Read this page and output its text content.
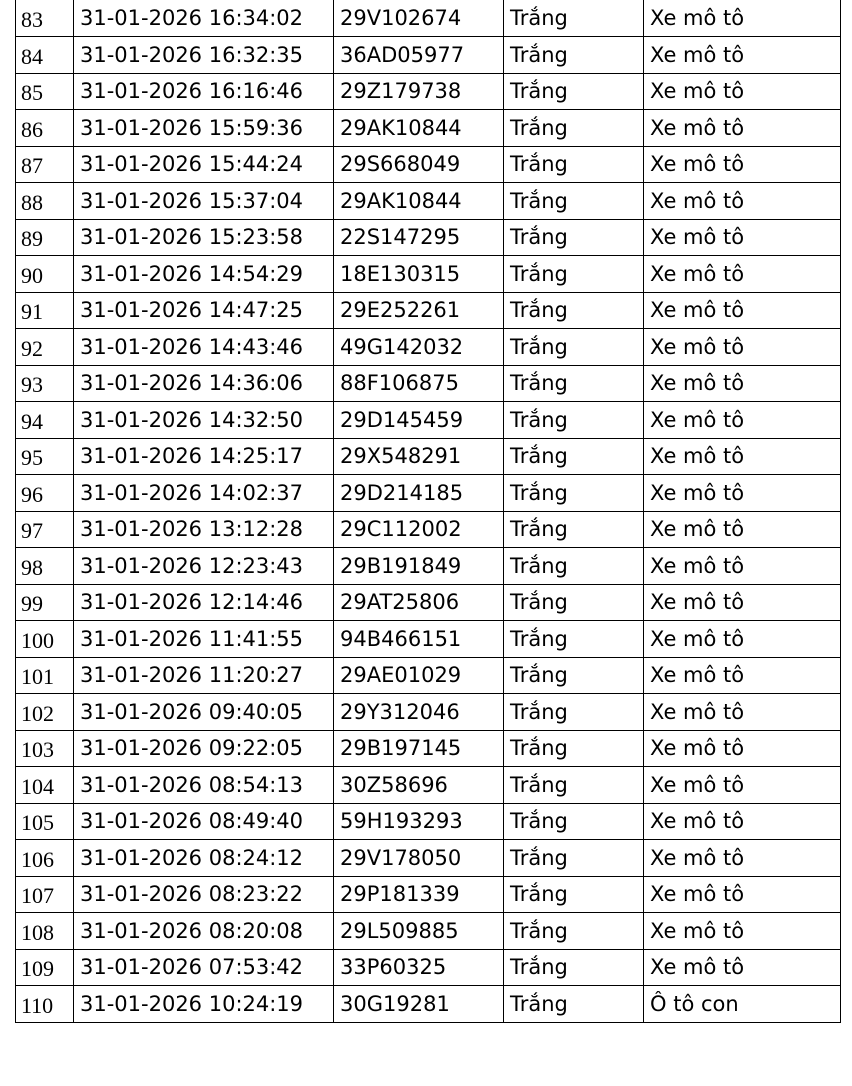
83	31-01-2026 16:34:02	29V102674	Trắng	Xe mô tô
84	31-01-2026 16:32:35	36AD05977	Trắng	Xe mô tô
85	31-01-2026 16:16:46	29Z179738	Trắng	Xe mô tô
86	31-01-2026 15:59:36	29AK10844	Trắng	Xe mô tô
87	31-01-2026 15:44:24	29S668049	Trắng	Xe mô tô
88	31-01-2026 15:37:04	29AK10844	Trắng	Xe mô tô
89	31-01-2026 15:23:58	22S147295	Trắng	Xe mô tô
90	31-01-2026 14:54:29	18E130315	Trắng	Xe mô tô
91	31-01-2026 14:47:25	29E252261	Trắng	Xe mô tô
92	31-01-2026 14:43:46	49G142032	Trắng	Xe mô tô
93	31-01-2026 14:36:06	88F106875	Trắng	Xe mô tô
94	31-01-2026 14:32:50	29D145459	Trắng	Xe mô tô
95	31-01-2026 14:25:17	29X548291	Trắng	Xe mô tô
96	31-01-2026 14:02:37	29D214185	Trắng	Xe mô tô
97	31-01-2026 13:12:28	29C112002	Trắng	Xe mô tô
98	31-01-2026 12:23:43	29B191849	Trắng	Xe mô tô
99	31-01-2026 12:14:46	29AT25806	Trắng	Xe mô tô
100	31-01-2026 11:41:55	94B466151	Trắng	Xe mô tô
101	31-01-2026 11:20:27	29AE01029	Trắng	Xe mô tô
102	31-01-2026 09:40:05	29Y312046	Trắng	Xe mô tô
103	31-01-2026 09:22:05	29B197145	Trắng	Xe mô tô
104	31-01-2026 08:54:13	30Z58696	Trắng	Xe mô tô
105	31-01-2026 08:49:40	59H193293	Trắng	Xe mô tô
106	31-01-2026 08:24:12	29V178050	Trắng	Xe mô tô
107	31-01-2026 08:23:22	29P181339	Trắng	Xe mô tô
108	31-01-2026 08:20:08	29L509885	Trắng	Xe mô tô
109	31-01-2026 07:53:42	33P60325	Trắng	Xe mô tô
110	31-01-2026 10:24:19	30G19281	Trắng	Ô tô con
